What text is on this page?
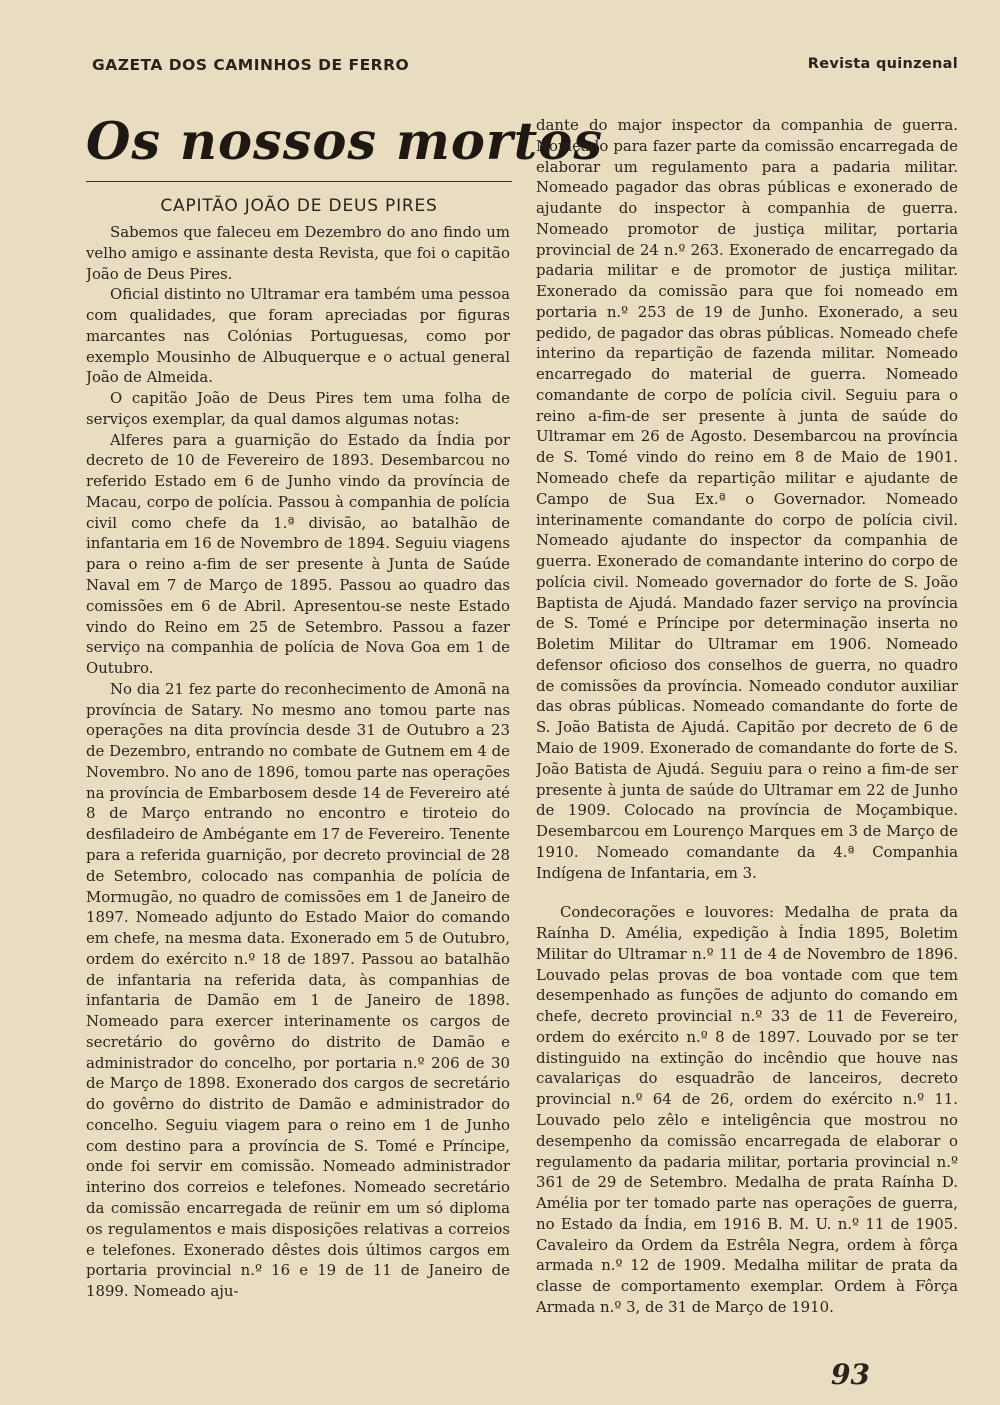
GAZETA DOS CAMINHOS DE FERRO	Revista quinzenal
Os nossos mortos
CAPITÃO JOÃO DE DEUS PIRES

Sabemos que faleceu em Dezembro do ano findo um velho amigo e assinante desta Revista, que foi o capitão João de Deus Pires.

Oficial distinto no Ultramar era também uma pessoa com qualidades, que foram apreciadas por figuras marcantes nas Colónias Portuguesas, como por exemplo Mousinho de Albuquerque e o actual general João de Almeida.

O capitão João de Deus Pires tem uma folha de serviços exemplar, da qual damos algumas notas:

Alferes para a guarnição do Estado da Índia por decreto de 10 de Fevereiro de 1893. Desembarcou no referido Estado em 6 de Junho vindo da província de Macau, corpo de polícia. Passou à companhia de polícia civil como chefe da 1.ª divisão, ao batalhão de infantaria em 16 de Novembro de 1894. Seguiu viagens para o reino a-fim de ser presente à Junta de Saúde Naval em 7 de Março de 1895. Passou ao quadro das comissões em 6 de Abril. Apresentou-se neste Estado vindo do Reino em 25 de Setembro. Passou a fazer serviço na companhia de polícia de Nova Goa em 1 de Outubro.

No dia 21 fez parte do reconhecimento de Amonã na província de Satary. No mesmo ano tomou parte nas operações na dita província desde 31 de Outubro a 23 de Dezembro, entrando no combate de Gutnem em 4 de Novembro. No ano de 1896, tomou parte nas operações na província de Embarbosem desde 14 de Fevereiro até 8 de Março entrando no encontro e tiroteio do desfiladeiro de Ambégante em 17 de Fevereiro. Tenente para a referida guarnição, por decreto provincial de 28 de Setembro, colocado nas companhia de polícia de Mormugão, no quadro de comissões em 1 de Janeiro de 1897. Nomeado adjunto do Estado Maior do comando em chefe, na mesma data. Exonerado em 5 de Outubro, ordem do exército n.º 18 de 1897. Passou ao batalhão de infantaria na referida data, às companhias de infantaria de Damão em 1 de Janeiro de 1898. Nomeado para exercer interinamente os cargos de secretário do govêrno do distrito de Damão e administrador do concelho, por portaria n.º 206 de 30 de Março de 1898. Exonerado dos cargos de secretário do govêrno do distrito de Damão e administrador do concelho. Seguiu viagem para o reino em 1 de Junho com destino para a província de S. Tomé e Príncipe, onde foi servir em comissão. Nomeado administrador interino dos correios e telefones. Nomeado secretário da comissão encarregada de reünir em um só diploma os regulamentos e mais disposições relativas a correios e telefones. Exonerado dêstes dois últimos cargos em portaria provincial n.º 16 e 19 de 11 de Janeiro de 1899. Nomeado aju-

dante do major inspector da companhia de guerra. Nomeado para fazer parte da comissão encarregada de elaborar um regulamento para a padaria militar. Nomeado pagador das obras públicas e exonerado de ajudante do inspector à companhia de guerra. Nomeado promotor de justiça militar, portaria provincial de 24 n.º 263. Exonerado de encarregado da padaria militar e de promotor de justiça militar. Exonerado da comissão para que foi nomeado em portaria n.º 253 de 19 de Junho. Exonerado, a seu pedido, de pagador das obras públicas. Nomeado chefe interino da repartição de fazenda militar. Nomeado encarregado do material de guerra. Nomeado comandante de corpo de polícia civil. Seguiu para o reino a-fim-de ser presente à junta de saúde do Ultramar em 26 de Agosto. Desembarcou na província de S. Tomé vindo do reino em 8 de Maio de 1901. Nomeado chefe da repartição militar e ajudante de Campo de Sua Ex.ª o Governador. Nomeado interinamente comandante do corpo de polícia civil. Nomeado ajudante do inspector da companhia de guerra. Exonerado de comandante interino do corpo de polícia civil. Nomeado governador do forte de S. João Baptista de Ajudá. Mandado fazer serviço na província de S. Tomé e Príncipe por determinação inserta no Boletim Militar do Ultramar em 1906. Nomeado defensor oficioso dos conselhos de guerra, no quadro de comissões da província. Nomeado condutor auxiliar das obras públicas. Nomeado comandante do forte de S. João Batista de Ajudá. Capitão por decreto de 6 de Maio de 1909. Exonerado de comandante do forte de S. João Batista de Ajudá. Seguiu para o reino a fim-de ser presente à junta de saúde do Ultramar em 22 de Junho de 1909. Colocado na província de Moçambique. Desembarcou em Lourenço Marques em 3 de Março de 1910. Nomeado comandante da 4.ª Companhia Indígena de Infantaria, em 3.

Condecorações e louvores: Medalha de prata da Raínha D. Amélia, expedição à Índia 1895, Boletim Militar do Ultramar n.º 11 de 4 de Novembro de 1896. Louvado pelas provas de boa vontade com que tem desempenhado as funções de adjunto do comando em chefe, decreto provincial n.º 33 de 11 de Fevereiro, ordem do exército n.º 8 de 1897. Louvado por se ter distinguido na extinção do incêndio que houve nas cavalariças do esquadrão de lanceiros, decreto provincial n.º 64 de 26, ordem do exército n.º 11. Louvado pelo zêlo e inteligência que mostrou no desempenho da comissão encarregada de elaborar o regulamento da padaria militar, portaria provincial n.º 361 de 29 de Setembro. Medalha de prata Raínha D. Amélia por ter tomado parte nas operações de guerra, no Estado da Índia, em 1916 B. M. U. n.º 11 de 1905. Cavaleiro da Ordem da Estrêla Negra, ordem à fôrça armada n.º 12 de 1909. Medalha militar de prata da classe de comportamento exemplar. Ordem à Fôrça Armada n.º 3, de 31 de Março de 1910.

93
